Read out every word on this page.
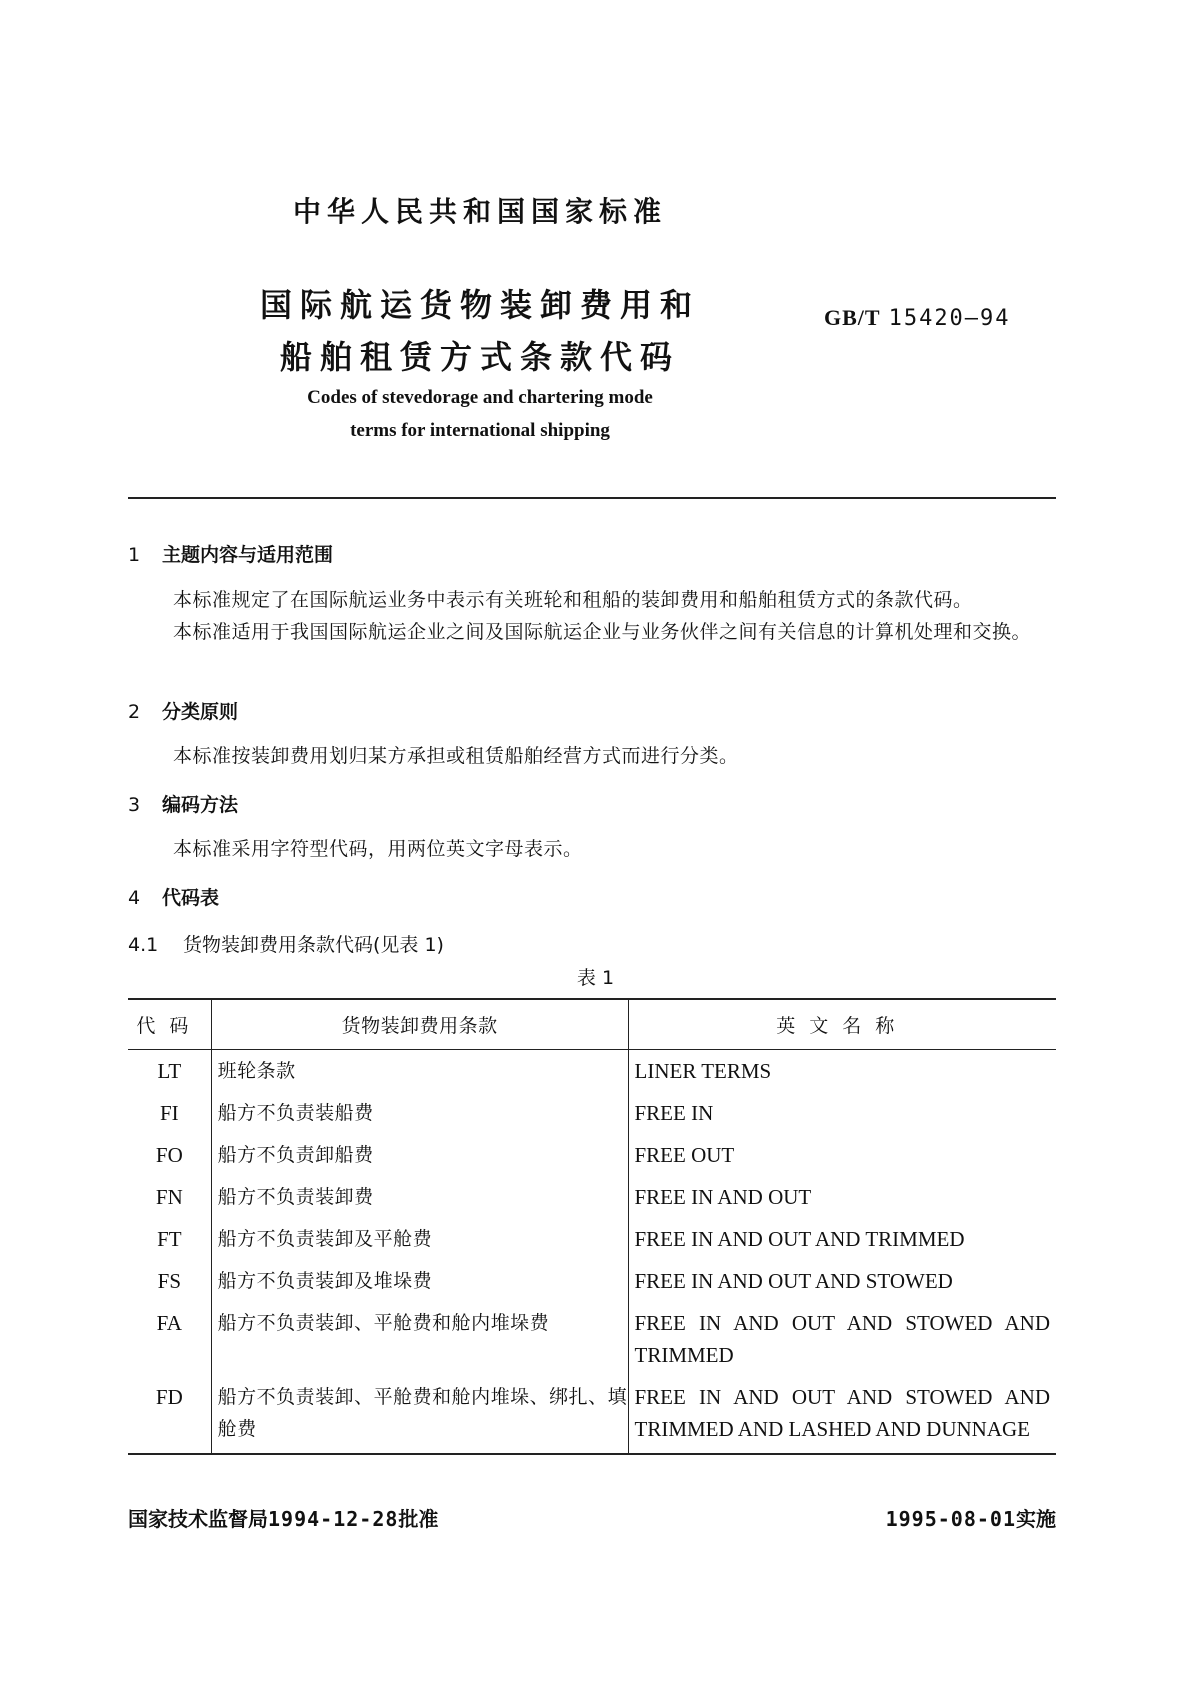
中华人民共和国国家标准
国际航运货物装卸费用和
船舶租赁方式条款代码
GB/T 15420—94
Codes of stevedorage and chartering mode
terms for international shipping
1 主题内容与适用范围
本标准规定了在国际航运业务中表示有关班轮和租船的装卸费用和船舶租赁方式的条款代码。
本标准适用于我国国际航运企业之间及国际航运企业与业务伙伴之间有关信息的计算机处理和交换。
2 分类原则
本标准按装卸费用划归某方承担或租赁船舶经营方式而进行分类。
3 编码方法
本标准采用字符型代码，用两位英文字母表示。
4 代码表
4.1 货物装卸费用条款代码(见表 1)
表 1
代码	货物装卸费用条款	英文名称
LT	班轮条款	LINER TERMS
FI	船方不负责装船费	FREE IN
FO	船方不负责卸船费	FREE OUT
FN	船方不负责装卸费	FREE IN AND OUT
FT	船方不负责装卸及平舱费	FREE IN AND OUT AND TRIMMED
FS	船方不负责装卸及堆垛费	FREE IN AND OUT AND STOWED
FA	船方不负责装卸、平舱费和舱内堆垛费	FREE IN AND OUT AND STOWED AND TRIMMED
FD	船方不负责装卸、平舱费和舱内堆垛、绑扎、填舱费	FREE IN AND OUT AND STOWED AND TRIMMED AND LASHED AND DUNNAGE
国家技术监督局1994-12-28批准	1995-08-01实施
